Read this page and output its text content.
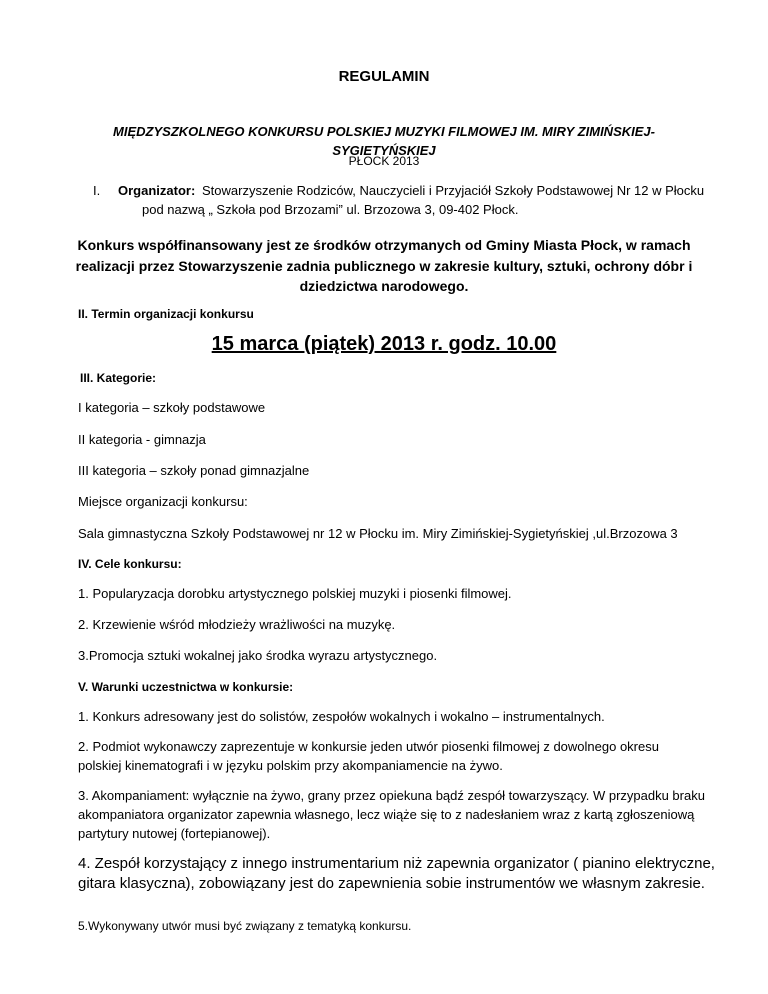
REGULAMIN
MIĘDZYSZKOLNEGO KONKURSU POLSKIEJ MUZYKI FILMOWEJ IM. MIRY ZIMIŃSKIEJ-
SYGIETYŃSKIEJ
PŁOCK 2013
I. Organizator: Stowarzyszenie Rodziców, Nauczycieli i Przyjaciół Szkoły Podstawowej Nr 12 w Płocku
pod nazwą „ Szkoła pod Brzozami” ul. Brzozowa 3, 09-402 Płock.
Konkurs współfinansowany jest ze środków otrzymanych od Gminy Miasta Płock, w ramach
realizacji przez Stowarzyszenie zadnia publicznego w zakresie kultury, sztuki, ochrony dóbr i
dziedzictwa narodowego.
II. Termin organizacji konkursu
15 marca (piątek) 2013 r. godz. 10.00
III. Kategorie:
I kategoria – szkoły podstawowe
II kategoria - gimnazja
III kategoria – szkoły ponad gimnazjalne
Miejsce organizacji konkursu:
Sala gimnastyczna Szkoły Podstawowej nr 12 w Płocku im. Miry Zimińskiej-Sygietyńskiej ,ul.Brzozowa 3
IV. Cele konkursu:
1. Popularyzacja dorobku artystycznego polskiej muzyki i piosenki filmowej.
2. Krzewienie wśród młodzieży wrażliwości na muzykę.
3.Promocja sztuki wokalnej jako środka wyrazu artystycznego.
V. Warunki uczestnictwa w konkursie:
1. Konkurs adresowany jest do solistów, zespołów wokalnych i wokalno – instrumentalnych.
2. Podmiot wykonawczy zaprezentuje w konkursie jeden utwór piosenki filmowej z dowolnego okresu
polskiej kinematografi i w języku polskim przy akompaniamencie na żywo.
3. Akompaniament: wyłącznie na żywo, grany przez opiekuna bądź zespół towarzyszący. W przypadku braku
akompaniatora organizator zapewnia własnego, lecz wiąże się to z nadesłaniem wraz z kartą zgłoszeniową
partytury nutowej (fortepianowej).
4. Zespół korzystający z innego instrumentarium niż zapewnia organizator ( pianino elektryczne,
gitara klasyczna), zobowiązany jest do zapewnienia sobie instrumentów we własnym zakresie.
5.Wykonywany utwór musi być związany z tematyką konkursu.
